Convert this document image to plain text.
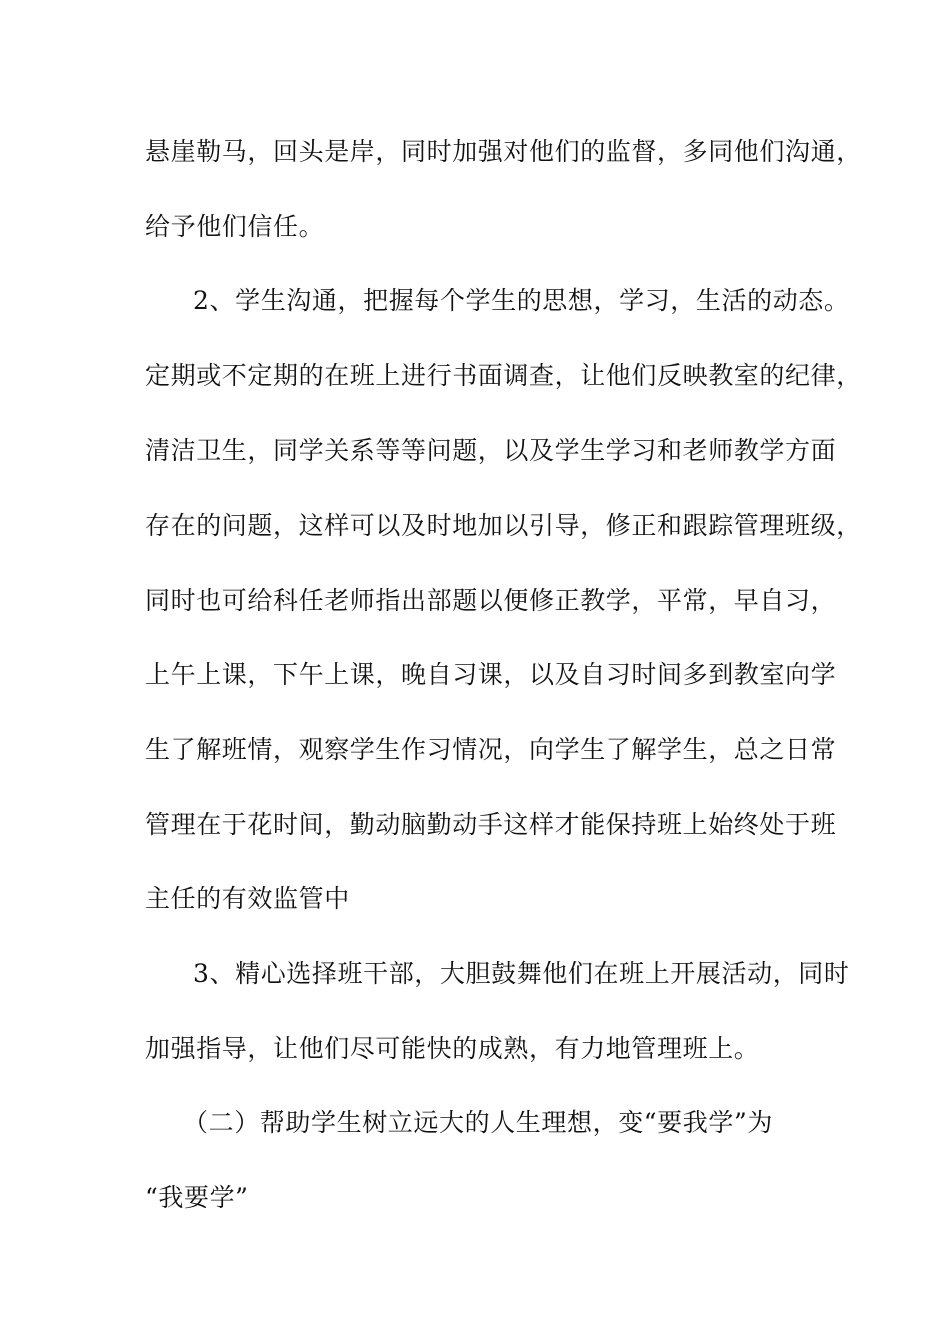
悬崖勒马，回头是岸，同时加强对他们的监督，多同他们沟通，
给予他们信任。
2、学生沟通，把握每个学生的思想，学习，生活的动态。
定期或不定期的在班上进行书面调查，让他们反映教室的纪律，
清洁卫生，同学关系等等问题，以及学生学习和老师教学方面
存在的问题，这样可以及时地加以引导，修正和跟踪管理班级，
同时也可给科任老师指出部题以便修正教学，平常，早自习，
上午上课，下午上课，晚自习课，以及自习时间多到教室向学
生了解班情，观察学生作习情况，向学生了解学生，总之日常
管理在于花时间，勤动脑勤动手这样才能保持班上始终处于班
主任的有效监管中
3、精心选择班干部，大胆鼓舞他们在班上开展活动，同时
加强指导，让他们尽可能快的成熟，有力地管理班上。
（二）帮助学生树立远大的人生理想，变“要我学”为
“我要学”
